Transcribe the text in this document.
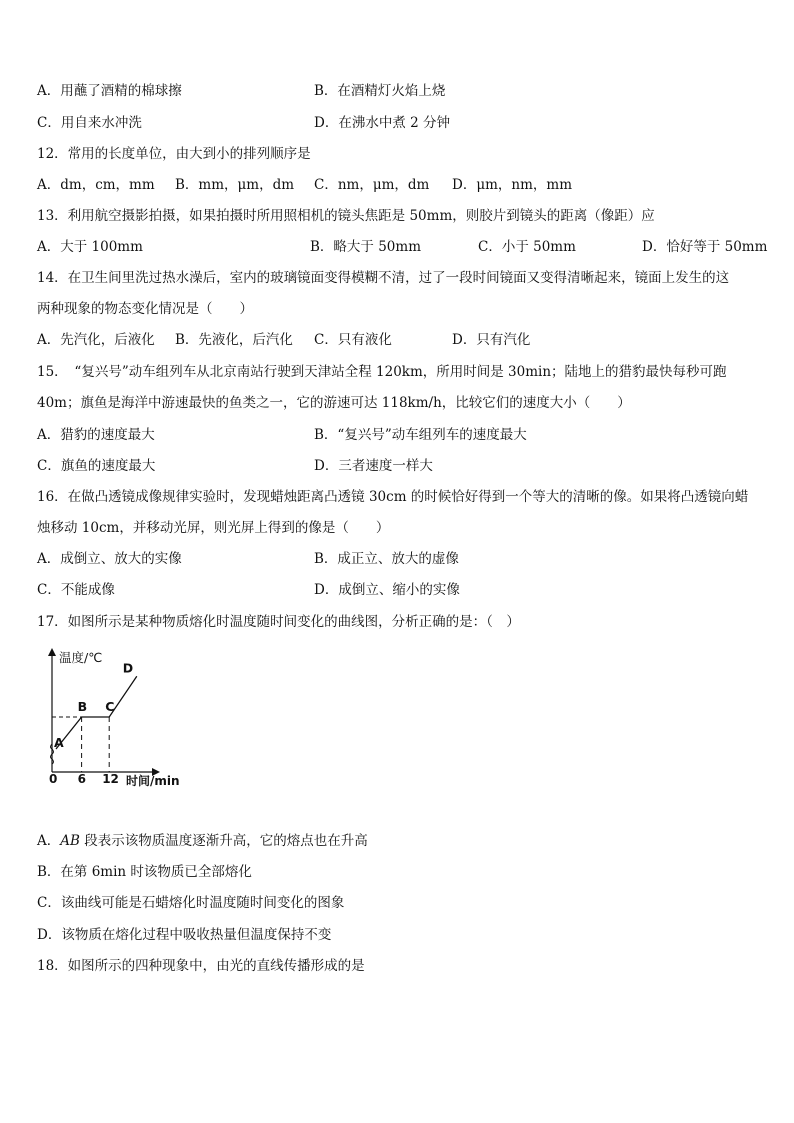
A．用蘸了酒精的棉球擦	B．在酒精灯火焰上烧
C．用自来水冲洗	D．在沸水中煮 2 分钟
12．常用的长度单位，由大到小的排列顺序是
A．dm，cm，mm B．mm，μm，dm C．nm，μm，dm D．μm，nm，mm
13．利用航空摄影拍摄，如果拍摄时所用照相机的镜头焦距是 50mm，则胶片到镜头的距离（像距）应
A．大于 100mm	B．略大于 50mm	C．小于 50mm	D．恰好等于 50mm
14．在卫生间里洗过热水澡后，室内的玻璃镜面变得模糊不清，过了一段时间镜面又变得清晰起来，镜面上发生的这
两种现象的物态变化情况是（　　）
A．先汽化，后液化 B．先液化，后汽化 C．只有液化	D．只有汽化
15．　“复兴号”动车组列车从北京南站行驶到天津站全程 120km，所用时间是 30min；陆地上的猎豹最快每秒可跑
40m；旗鱼是海洋中游速最快的鱼类之一，它的游速可达 118km/h，比较它们的速度大小（　　）
A．猎豹的速度最大	B．“复兴号”动车组列车的速度最大
C．旗鱼的速度最大	D．三者速度一样大
16．在做凸透镜成像规律实验时，发现蜡烛距离凸透镜 30cm 的时候恰好得到一个等大的清晰的像。如果将凸透镜向蜡
烛移动 10cm，并移动光屏，则光屏上得到的像是（　　）
A．成倒立、放大的实像	B．成正立、放大的虚像
C．不能成像	D．成倒立、缩小的实像
17．如图所示是某种物质熔化时温度随时间变化的曲线图，分析正确的是：（　）
温度/℃
时间/min
0 6 12
A
B C
D
A．AB 段表示该物质温度逐渐升高，它的熔点也在升高
B．在第 6min 时该物质已全部熔化
C．该曲线可能是石蜡熔化时温度随时间变化的图象
D．该物质在熔化过程中吸收热量但温度保持不变
18．如图所示的四种现象中，由光的直线传播形成的是
